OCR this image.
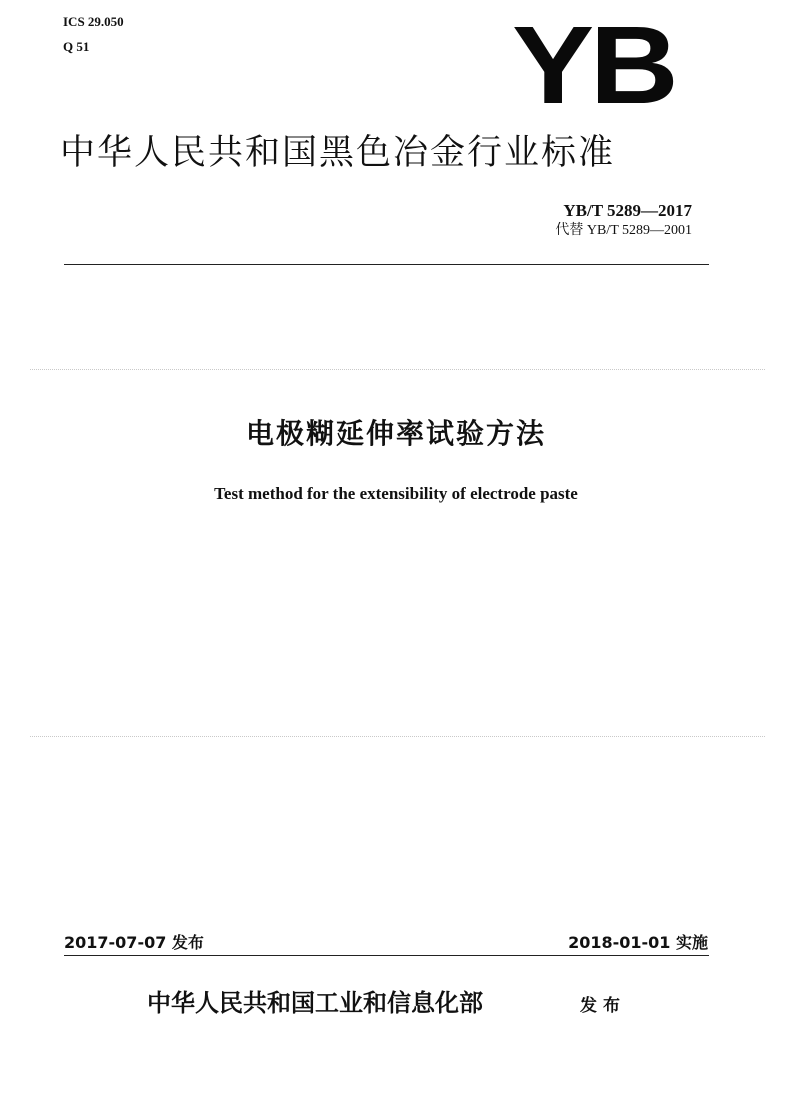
ICS 29.050
Q 51	YB
中华人民共和国黑色冶金行业标准
YB/T 5289—2017
代替 YB/T 5289—2001
电极糊延伸率试验方法
Test method for the extensibility of electrode paste
2017-07-07 发布	2018-01-01 实施
中华人民共和国工业和信息化部	发布
